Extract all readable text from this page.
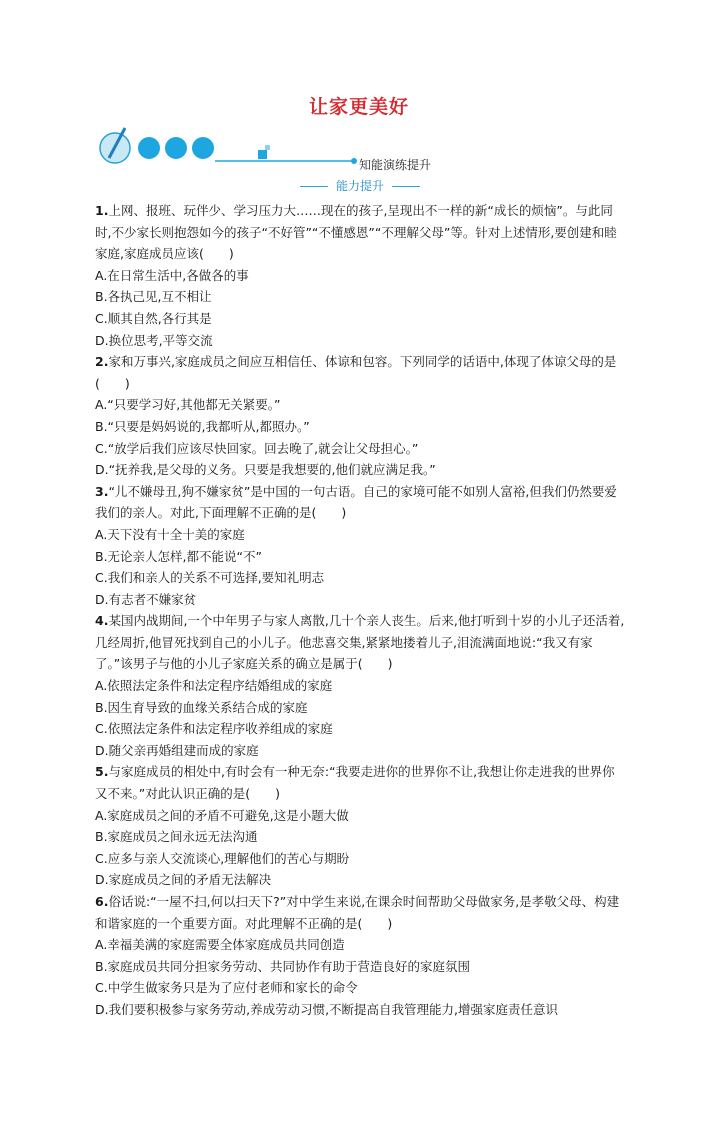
让家更美好
知能演练提升
能力提升

1.上网、报班、玩伴少、学习压力大……现在的孩子,呈现出不一样的新“成长的烦恼”。与此同时,不少家长则抱怨如今的孩子“不好管”“不懂感恩”“不理解父母”等。针对上述情形,要创建和睦家庭,家庭成员应该(　　)

A.在日常生活中,各做各的事

B.各执己见,互不相让

C.顺其自然,各行其是

D.换位思考,平等交流

2.家和万事兴,家庭成员之间应互相信任、体谅和包容。下列同学的话语中,体现了体谅父母的是(　　)

A.“只要学习好,其他都无关紧要。”

B.“只要是妈妈说的,我都听从,都照办。”

C.“放学后我们应该尽快回家。回去晚了,就会让父母担心。”

D.“抚养我,是父母的义务。只要是我想要的,他们就应满足我。”

3.“儿不嫌母丑,狗不嫌家贫”是中国的一句古语。自己的家境可能不如别人富裕,但我们仍然要爱我们的亲人。对此,下面理解不正确的是(　　)

A.天下没有十全十美的家庭

B.无论亲人怎样,都不能说“不”

C.我们和亲人的关系不可选择,要知礼明志

D.有志者不嫌家贫

4.某国内战期间,一个中年男子与家人离散,几十个亲人丧生。后来,他打听到十岁的小儿子还活着,几经周折,他冒死找到自己的小儿子。他悲喜交集,紧紧地搂着儿子,泪流满面地说:“我又有家了。”该男子与他的小儿子家庭关系的确立是属于(　　)

A.依照法定条件和法定程序结婚组成的家庭

B.因生育导致的血缘关系结合成的家庭

C.依照法定条件和法定程序收养组成的家庭

D.随父亲再婚组建而成的家庭

5.与家庭成员的相处中,有时会有一种无奈:“我要走进你的世界你不让,我想让你走进我的世界你又不来。”对此认识正确的是(　　)

A.家庭成员之间的矛盾不可避免,这是小题大做

B.家庭成员之间永远无法沟通

C.应多与亲人交流谈心,理解他们的苦心与期盼

D.家庭成员之间的矛盾无法解决

6.俗话说:“一屋不扫,何以扫天下?”对中学生来说,在课余时间帮助父母做家务,是孝敬父母、构建和谐家庭的一个重要方面。对此理解不正确的是(　　)

A.幸福美满的家庭需要全体家庭成员共同创造

B.家庭成员共同分担家务劳动、共同协作有助于营造良好的家庭氛围

C.中学生做家务只是为了应付老师和家长的命令

D.我们要积极参与家务劳动,养成劳动习惯,不断提高自我管理能力,增强家庭责任意识
